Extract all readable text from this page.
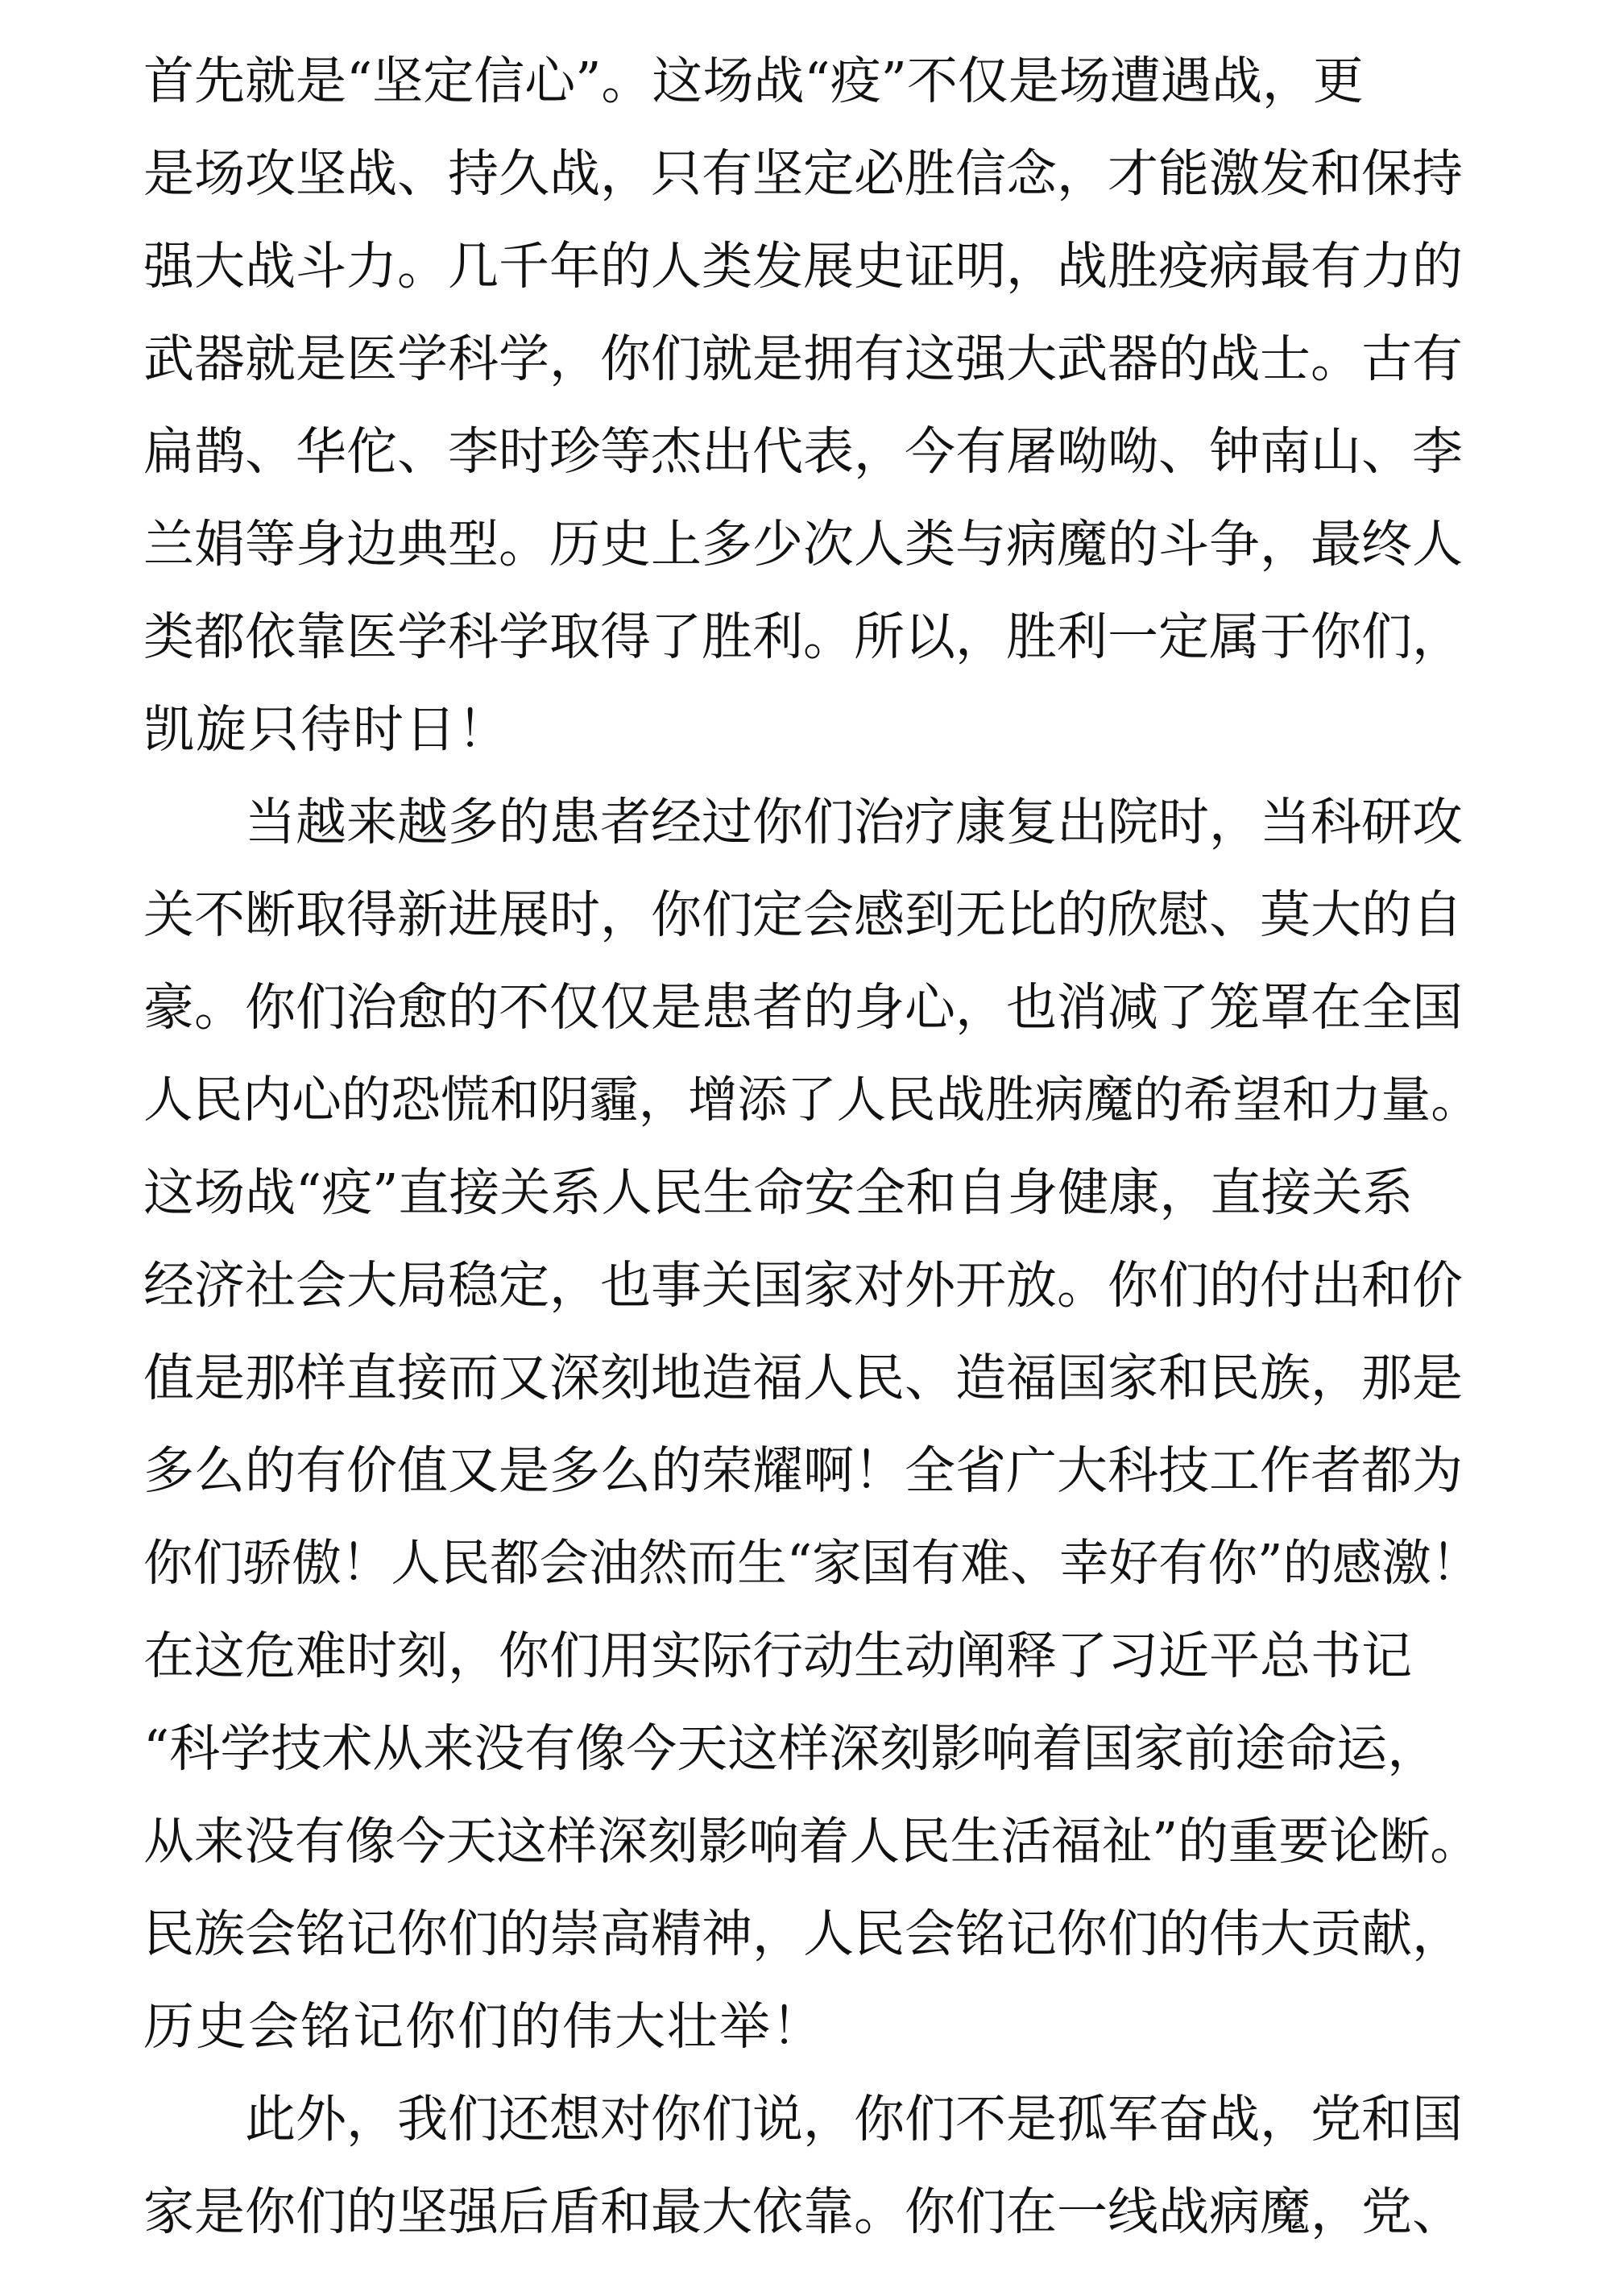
首先就是“坚定信心”。这场战“疫”不仅是场遭遇战，更
是场攻坚战、持久战，只有坚定必胜信念，才能激发和保持
强大战斗力。几千年的人类发展史证明，战胜疫病最有力的
武器就是医学科学，你们就是拥有这强大武器的战士。古有
扁鹊、华佗、李时珍等杰出代表，今有屠呦呦、钟南山、李
兰娟等身边典型。历史上多少次人类与病魔的斗争，最终人
类都依靠医学科学取得了胜利。所以，胜利一定属于你们，
凯旋只待时日！
　　当越来越多的患者经过你们治疗康复出院时，当科研攻
关不断取得新进展时，你们定会感到无比的欣慰、莫大的自
豪。你们治愈的不仅仅是患者的身心，也消减了笼罩在全国
人民内心的恐慌和阴霾，增添了人民战胜病魔的希望和力量。
这场战“疫”直接关系人民生命安全和自身健康，直接关系
经济社会大局稳定，也事关国家对外开放。你们的付出和价
值是那样直接而又深刻地造福人民、造福国家和民族，那是
多么的有价值又是多么的荣耀啊！全省广大科技工作者都为
你们骄傲！人民都会油然而生“家国有难、幸好有你”的感激！
在这危难时刻，你们用实际行动生动阐释了习近平总书记
“科学技术从来没有像今天这样深刻影响着国家前途命运，
从来没有像今天这样深刻影响着人民生活福祉”的重要论断。
民族会铭记你们的崇高精神，人民会铭记你们的伟大贡献，
历史会铭记你们的伟大壮举！
　　此外，我们还想对你们说，你们不是孤军奋战，党和国
家是你们的坚强后盾和最大依靠。你们在一线战病魔，党、
